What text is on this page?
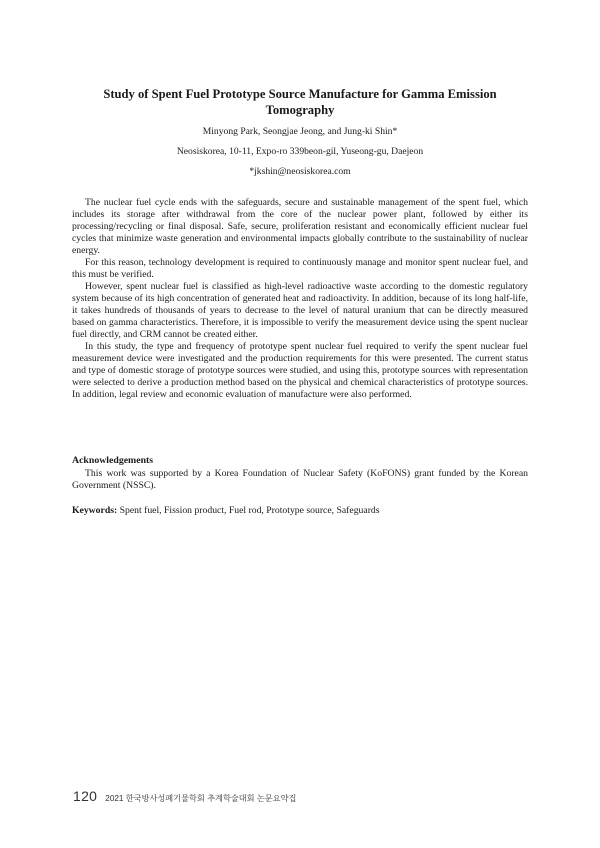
Study of Spent Fuel Prototype Source Manufacture for Gamma Emission Tomography
Minyong Park, Seongjae Jeong, and Jung-ki Shin*
Neosiskorea, 10-11, Expo-ro 339beon-gil, Yuseong-gu, Daejeon
*jkshin@neosiskorea.com

The nuclear fuel cycle ends with the safeguards, secure and sustainable management of the spent fuel, which includes its storage after withdrawal from the core of the nuclear power plant, followed by either its processing/recycling or final disposal. Safe, secure, proliferation resistant and economically efficient nuclear fuel cycles that minimize waste generation and environmental impacts globally contribute to the sustainability of nuclear energy.

For this reason, technology development is required to continuously manage and monitor spent nuclear fuel, and this must be verified.

However, spent nuclear fuel is classified as high-level radioactive waste according to the domestic regulatory system because of its high concentration of generated heat and radioactivity. In addition, because of its long half-life, it takes hundreds of thousands of years to decrease to the level of natural uranium that can be directly measured based on gamma characteristics. Therefore, it is impossible to verify the measurement device using the spent nuclear fuel directly, and CRM cannot be created either.

In this study, the type and frequency of prototype spent nuclear fuel required to verify the spent nuclear fuel measurement device were investigated and the production requirements for this were presented. The current status and type of domestic storage of prototype sources were studied, and using this, prototype sources with representation were selected to derive a production method based on the physical and chemical characteristics of prototype sources. In addition, legal review and economic evaluation of manufacture were also performed.

Acknowledgements

This work was supported by a Korea Foundation of Nuclear Safety (KoFONS) grant funded by the Korean Government (NSSC).

Keywords: Spent fuel, Fission product, Fuel rod, Prototype source, Safeguards
120 2021 한국방사성폐기물학회 추계학술대회 논문요약집
